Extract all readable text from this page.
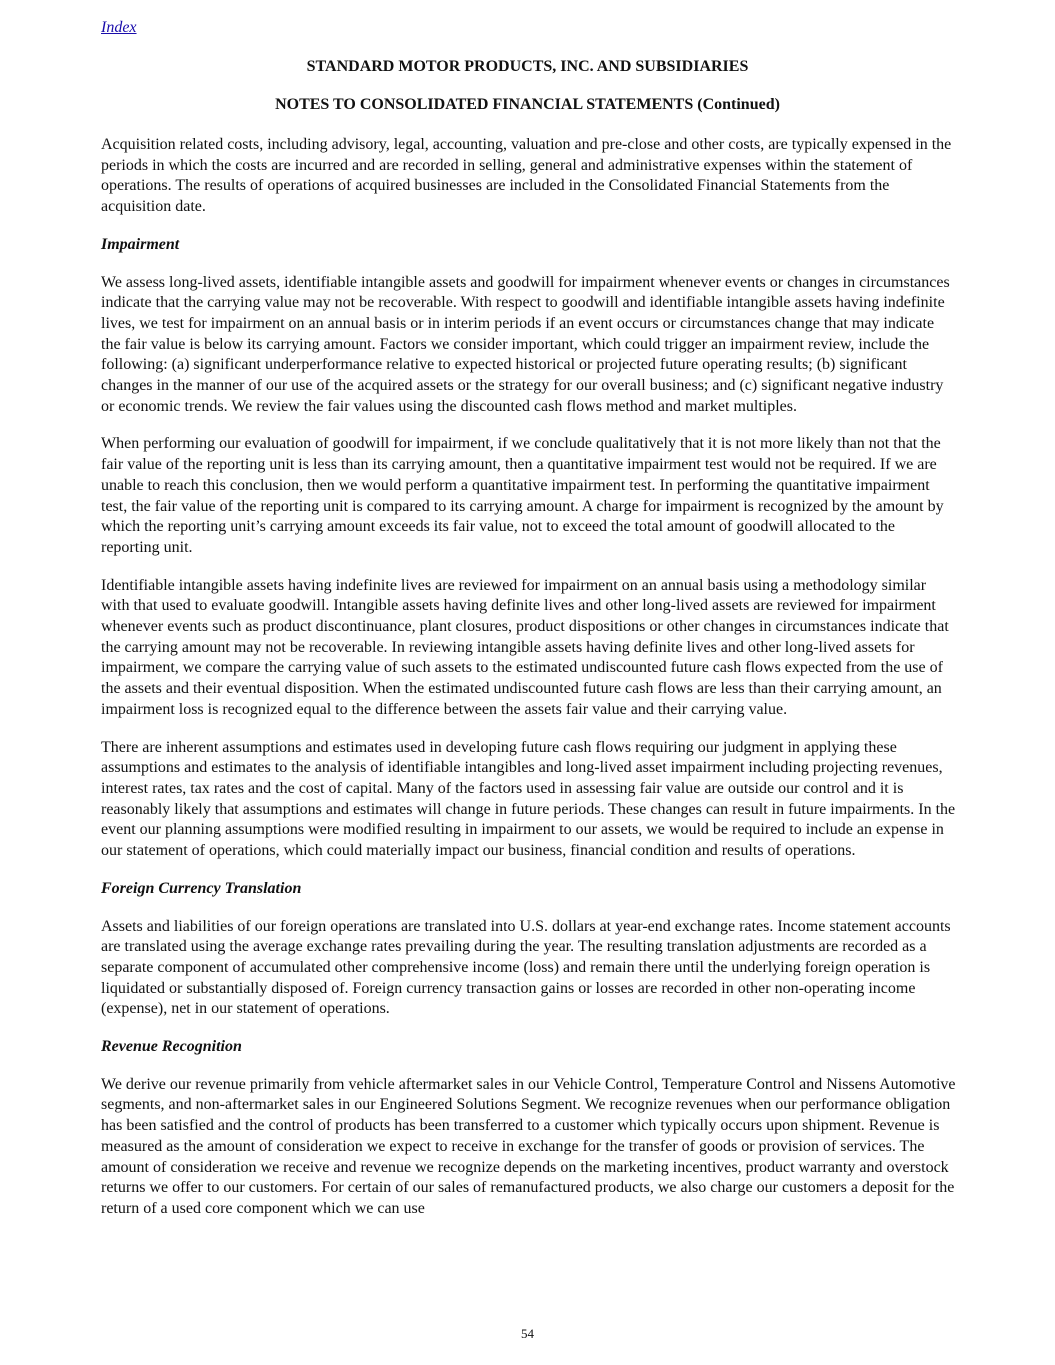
Index
STANDARD MOTOR PRODUCTS, INC. AND SUBSIDIARIES
NOTES TO CONSOLIDATED FINANCIAL STATEMENTS (Continued)

Acquisition related costs, including advisory, legal, accounting, valuation and pre-close and other costs, are typically expensed in the periods in which the costs are incurred and are recorded in selling, general and administrative expenses within the statement of operations. The results of operations of acquired businesses are included in the Consolidated Financial Statements from the acquisition date.

Impairment

We assess long-lived assets, identifiable intangible assets and goodwill for impairment whenever events or changes in circumstances indicate that the carrying value may not be recoverable. With respect to goodwill and identifiable intangible assets having indefinite lives, we test for impairment on an annual basis or in interim periods if an event occurs or circumstances change that may indicate the fair value is below its carrying amount. Factors we consider important, which could trigger an impairment review, include the following: (a) significant underperformance relative to expected historical or projected future operating results; (b) significant changes in the manner of our use of the acquired assets or the strategy for our overall business; and (c) significant negative industry or economic trends. We review the fair values using the discounted cash flows method and market multiples.

When performing our evaluation of goodwill for impairment, if we conclude qualitatively that it is not more likely than not that the fair value of the reporting unit is less than its carrying amount, then a quantitative impairment test would not be required. If we are unable to reach this conclusion, then we would perform a quantitative impairment test. In performing the quantitative impairment test, the fair value of the reporting unit is compared to its carrying amount. A charge for impairment is recognized by the amount by which the reporting unit’s carrying amount exceeds its fair value, not to exceed the total amount of goodwill allocated to the reporting unit.

Identifiable intangible assets having indefinite lives are reviewed for impairment on an annual basis using a methodology similar with that used to evaluate goodwill. Intangible assets having definite lives and other long-lived assets are reviewed for impairment whenever events such as product discontinuance, plant closures, product dispositions or other changes in circumstances indicate that the carrying amount may not be recoverable. In reviewing intangible assets having definite lives and other long-lived assets for impairment, we compare the carrying value of such assets to the estimated undiscounted future cash flows expected from the use of the assets and their eventual disposition. When the estimated undiscounted future cash flows are less than their carrying amount, an impairment loss is recognized equal to the difference between the assets fair value and their carrying value.

There are inherent assumptions and estimates used in developing future cash flows requiring our judgment in applying these assumptions and estimates to the analysis of identifiable intangibles and long-lived asset impairment including projecting revenues, interest rates, tax rates and the cost of capital. Many of the factors used in assessing fair value are outside our control and it is reasonably likely that assumptions and estimates will change in future periods. These changes can result in future impairments. In the event our planning assumptions were modified resulting in impairment to our assets, we would be required to include an expense in our statement of operations, which could materially impact our business, financial condition and results of operations.

Foreign Currency Translation

Assets and liabilities of our foreign operations are translated into U.S. dollars at year-end exchange rates. Income statement accounts are translated using the average exchange rates prevailing during the year. The resulting translation adjustments are recorded as a separate component of accumulated other comprehensive income (loss) and remain there until the underlying foreign operation is liquidated or substantially disposed of. Foreign currency transaction gains or losses are recorded in other non-operating income (expense), net in our statement of operations.

Revenue Recognition

We derive our revenue primarily from vehicle aftermarket sales in our Vehicle Control, Temperature Control and Nissens Automotive segments, and non-aftermarket sales in our Engineered Solutions Segment. We recognize revenues when our performance obligation has been satisfied and the control of products has been transferred to a customer which typically occurs upon shipment. Revenue is measured as the amount of consideration we expect to receive in exchange for the transfer of goods or provision of services. The amount of consideration we receive and revenue we recognize depends on the marketing incentives, product warranty and overstock returns we offer to our customers. For certain of our sales of remanufactured products, we also charge our customers a deposit for the return of a used core component which we can use

54
